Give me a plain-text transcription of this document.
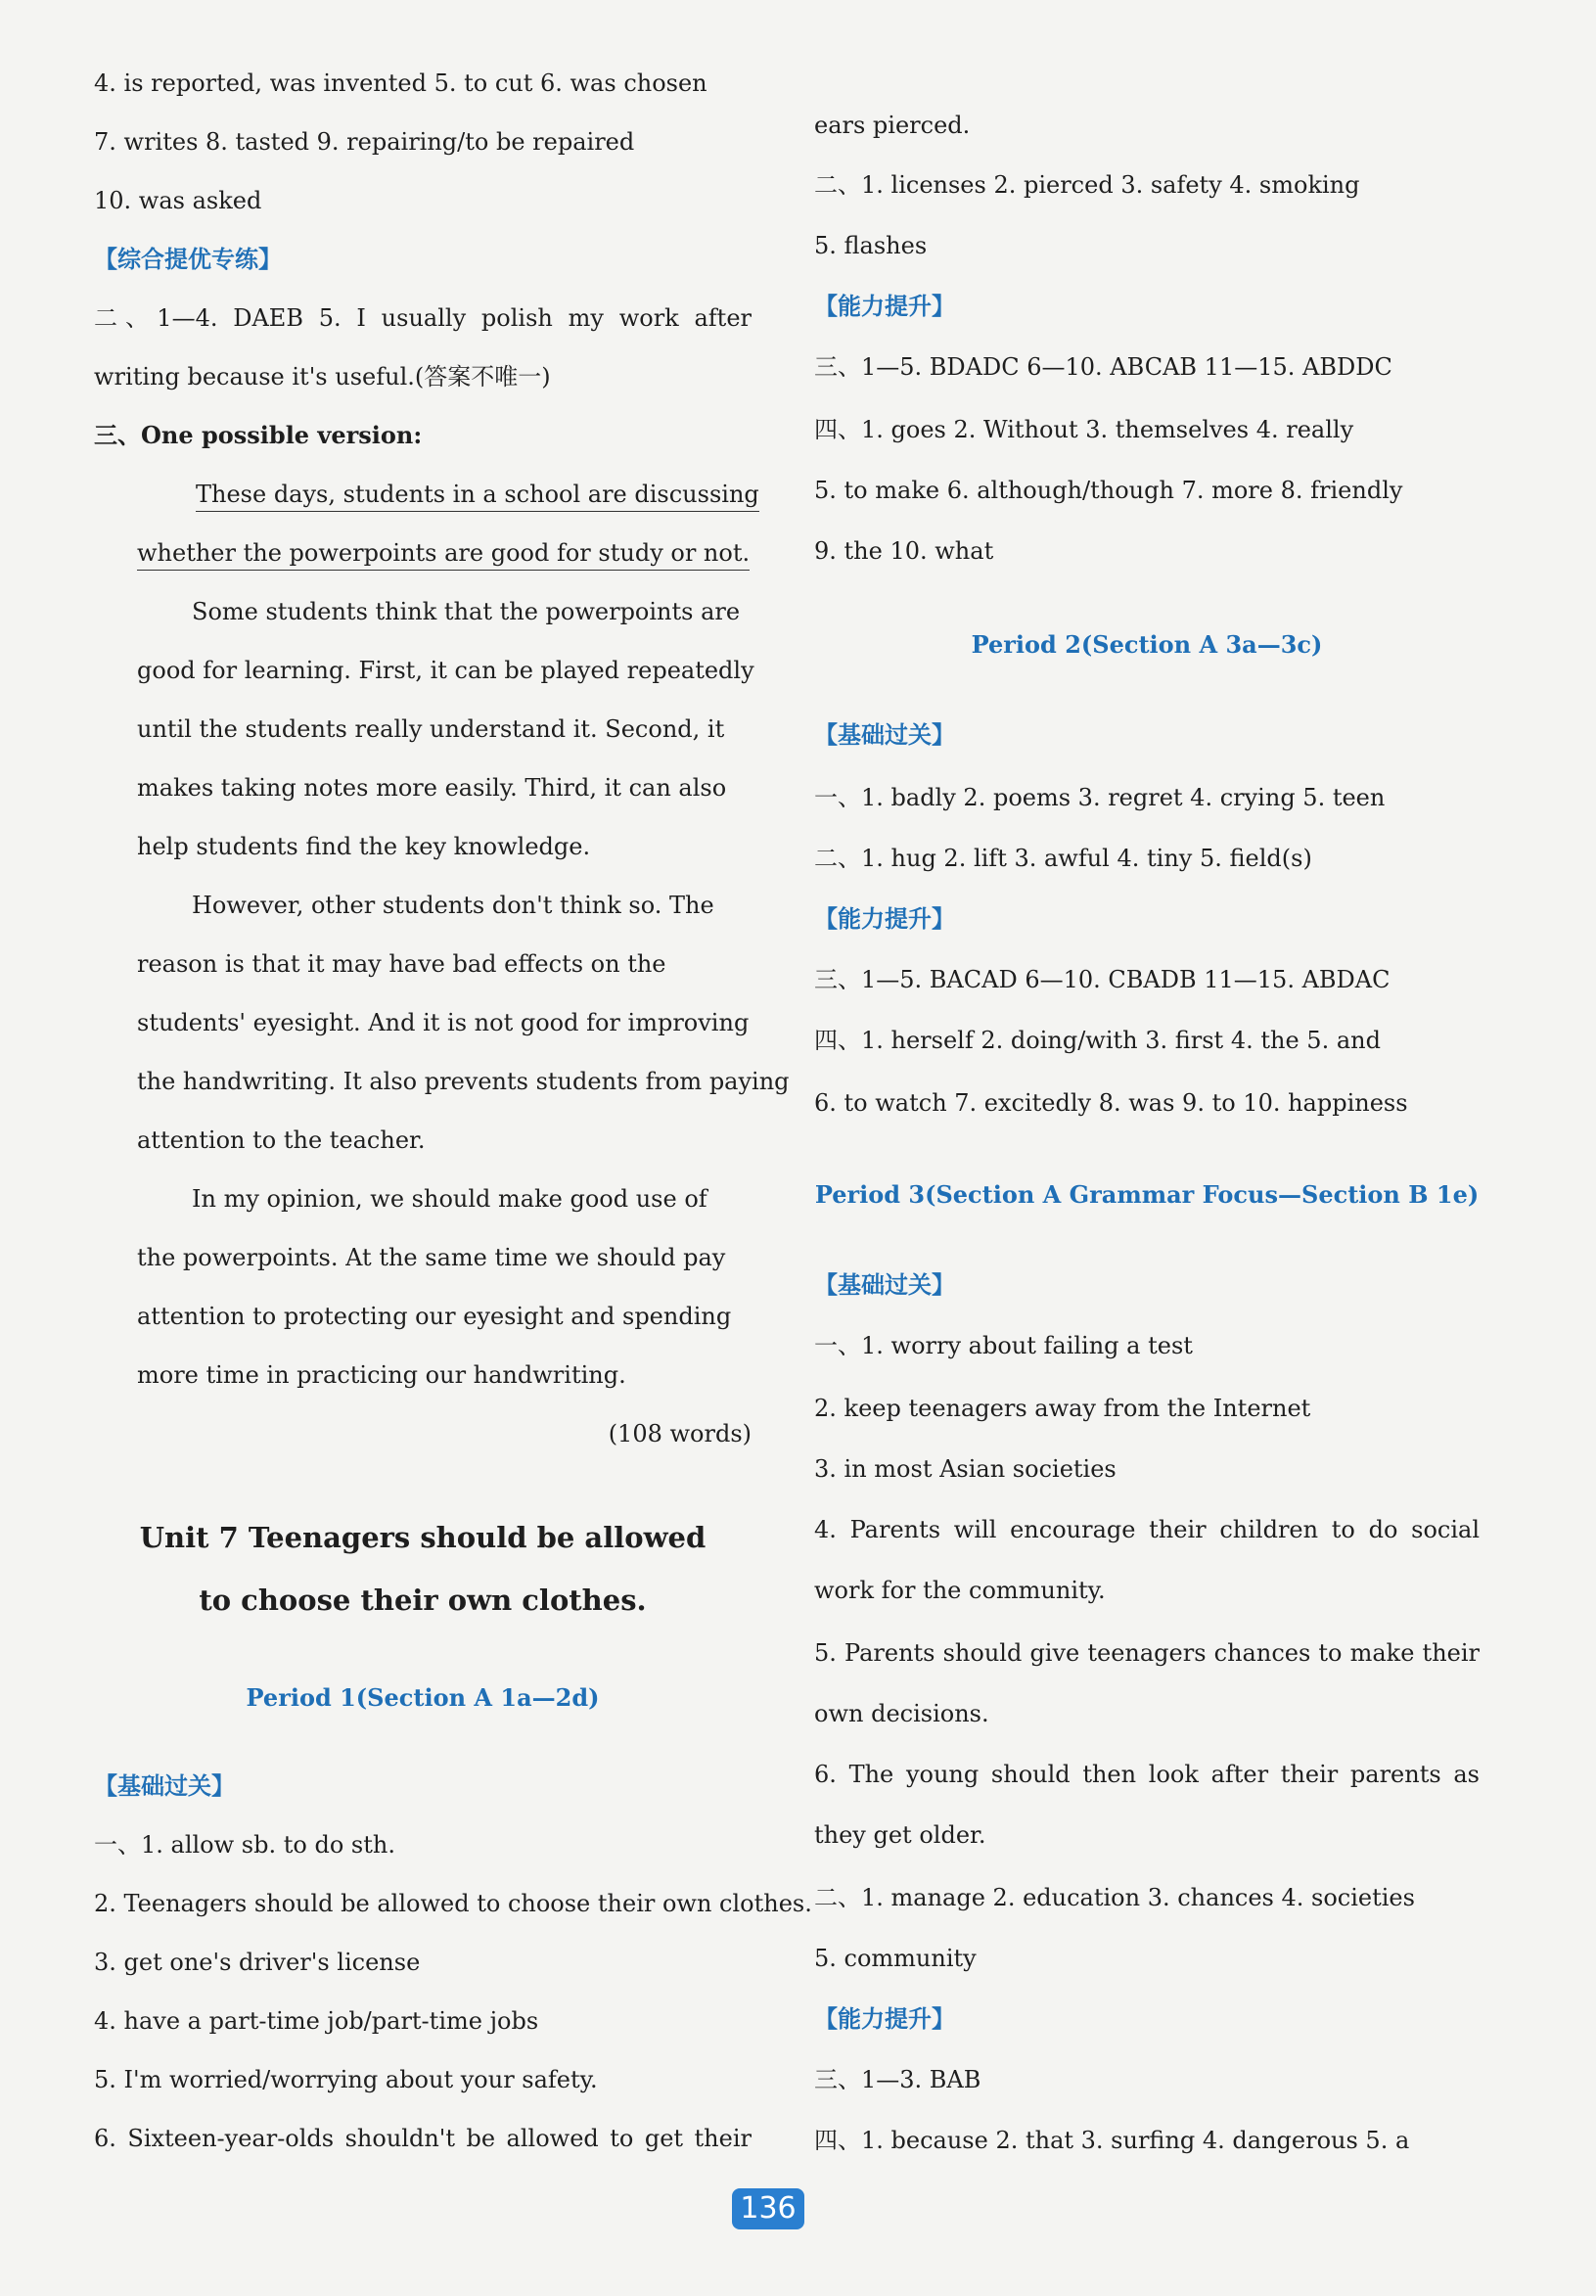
4. is reported, was invented 5. to cut 6. was chosen
7. writes 8. tasted 9. repairing/to be repaired
10. was asked
【综合提优专练】
二、1—4. DAEB 5. I usually polish my work after
writing because it's useful.(答案不唯一)
三、One possible version:
These days, students in a school are discussing
whether the powerpoints are good for study or not.
Some students think that the powerpoints are
good for learning. First, it can be played repeatedly
until the students really understand it. Second, it
makes taking notes more easily. Third, it can also
help students find the key knowledge.
However, other students don't think so. The
reason is that it may have bad effects on the
students' eyesight. And it is not good for improving
the handwriting. It also prevents students from paying
attention to the teacher.
In my opinion, we should make good use of
the powerpoints. At the same time we should pay
attention to protecting our eyesight and spending
more time in practicing our handwriting.
(108 words)
Unit 7 Teenagers should be allowed
to choose their own clothes.
Period 1(Section A 1a—2d)
【基础过关】
一、1. allow sb. to do sth.
2. Teenagers should be allowed to choose their own clothes.
3. get one's driver's license
4. have a part-time job/part-time jobs
5. I'm worried/worrying about your safety.
6. Sixteen-year-olds shouldn't be allowed to get their
ears pierced.
二、1. licenses 2. pierced 3. safety 4. smoking
5. flashes
【能力提升】
三、1—5. BDADC 6—10. ABCAB 11—15. ABDDC
四、1. goes 2. Without 3. themselves 4. really
5. to make 6. although/though 7. more 8. friendly
9. the 10. what
Period 2(Section A 3a—3c)
【基础过关】
一、1. badly 2. poems 3. regret 4. crying 5. teen
二、1. hug 2. lift 3. awful 4. tiny 5. field(s)
【能力提升】
三、1—5. BACAD 6—10. CBADB 11—15. ABDAC
四、1. herself 2. doing/with 3. first 4. the 5. and
6. to watch 7. excitedly 8. was 9. to 10. happiness
Period 3(Section A Grammar Focus—Section B 1e)
【基础过关】
一、1. worry about failing a test
2. keep teenagers away from the Internet
3. in most Asian societies
4. Parents will encourage their children to do social
work for the community.
5. Parents should give teenagers chances to make their
own decisions.
6. The young should then look after their parents as
they get older.
二、1. manage 2. education 3. chances 4. societies
5. community
【能力提升】
三、1—3. BAB
四、1. because 2. that 3. surfing 4. dangerous 5. a
136
